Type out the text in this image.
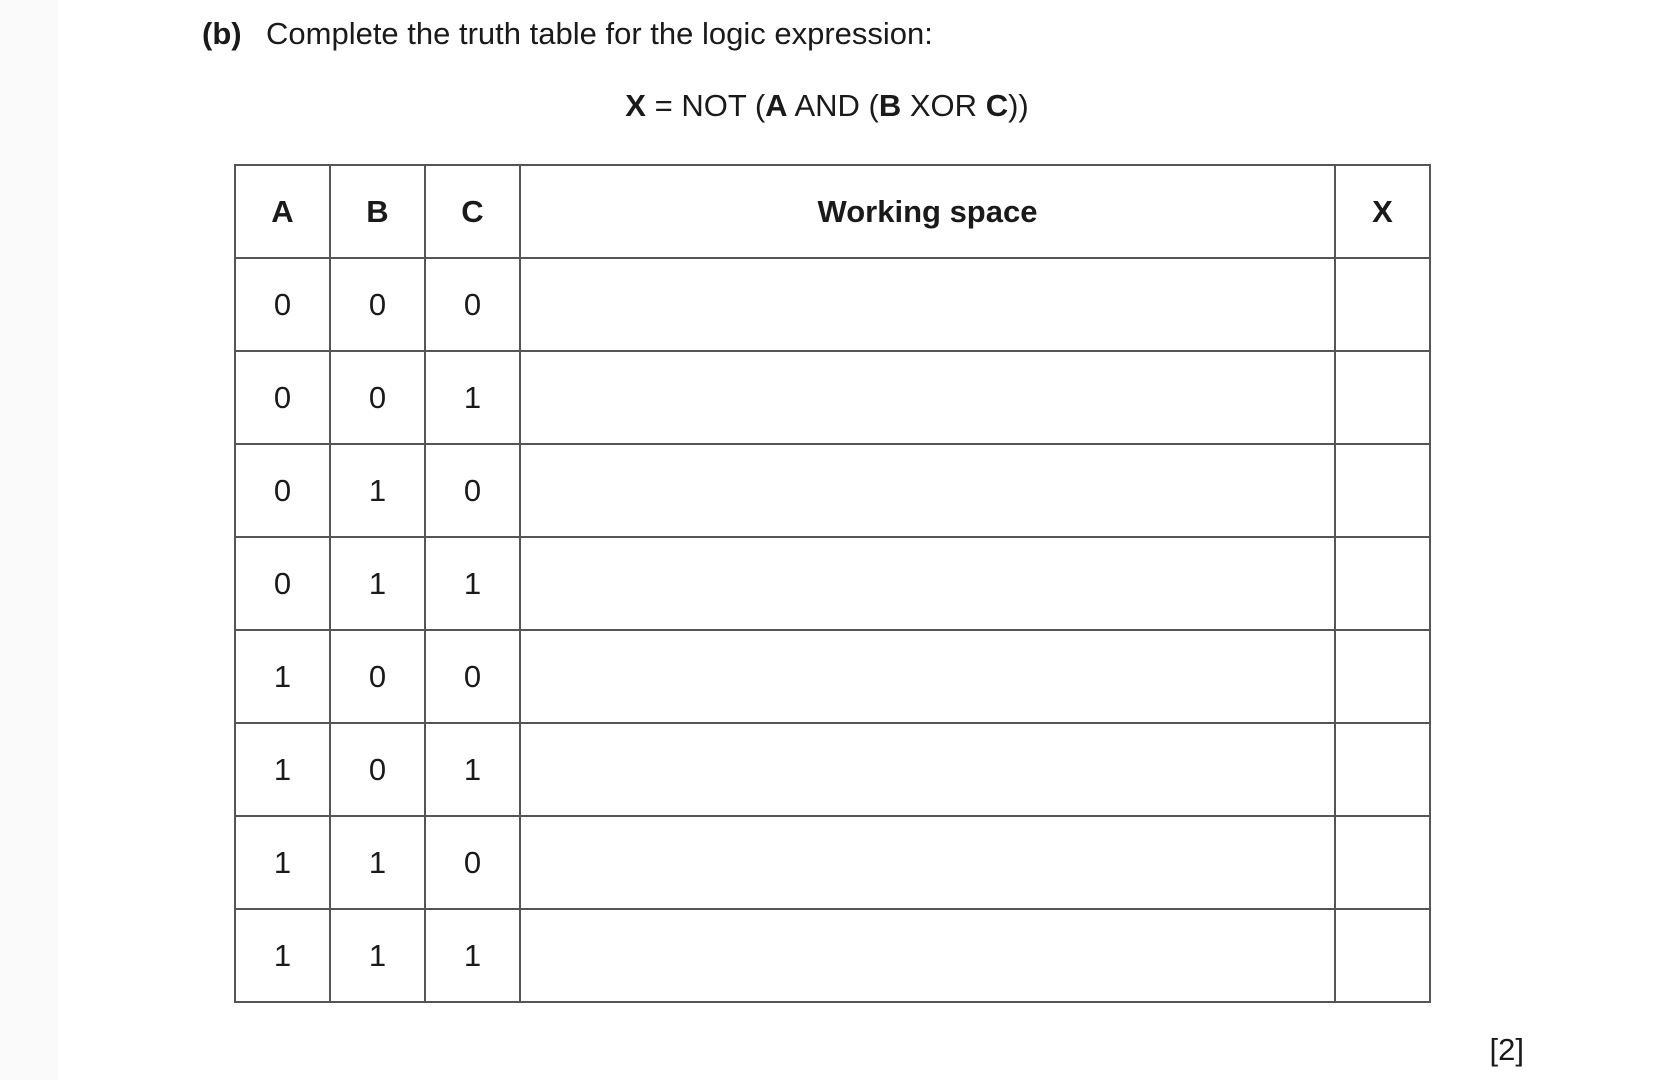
(b) Complete the truth table for the logic expression:
X = NOT (A AND (B XOR C))
A	B	C	Working space	X
0	0	0		
0	0	1		
0	1	0		
0	1	1		
1	0	0		
1	0	1		
1	1	0		
1	1	1		
[2]
